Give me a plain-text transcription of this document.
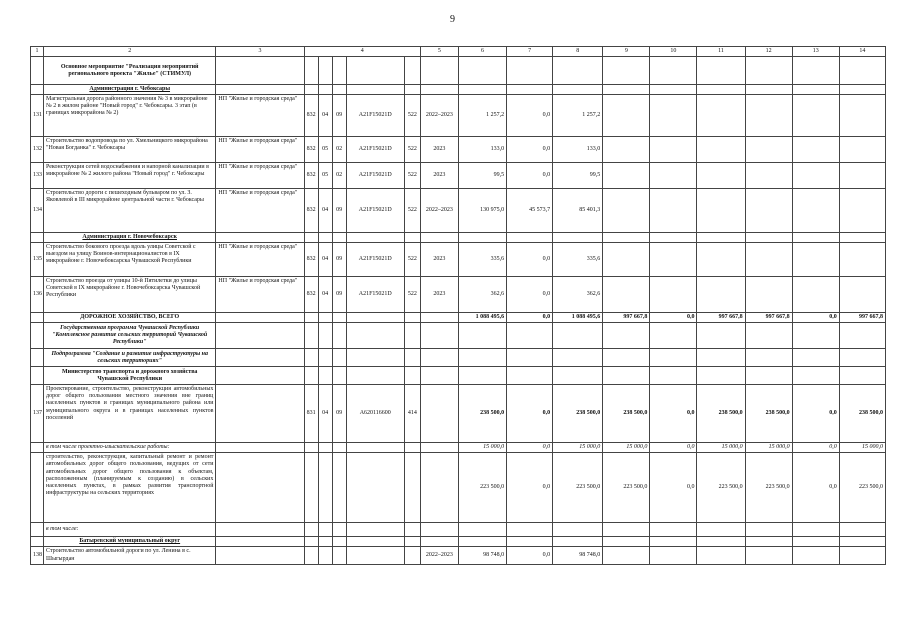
9
1	2	3	4					5	6	7	8	9	10	11	12	13	14
	Основное мероприятие "Реализация мероприятий регионального проекта "Жилье" (СТИМУЛ)																
	Администрация г. Чебоксары																
131	Магистральная дорога районного значения № 3 в микрорайоне № 2 в жилом районе "Новый город" г. Чебоксары. 3 этап (в границах микрорайона № 2)	НП "Жилье и городская среда"	832	04	09	A21F15021D	522	2022–2023	1 257,2	0,0	1 257,2						
132	Строительство водопровода по ул. Хмельницкого микрорайона "Новая Богданка" г. Чебоксары	НП "Жилье и городская среда"	832	05	02	A21F15021D	522	2023	133,0	0,0	133,0						
133	Реконструкция сетей водоснабжения и напорной канализации в микрорайоне № 2 жилого района "Новый город" г. Чебоксары	НП "Жилье и городская среда"	832	05	02	A21F15021D	522	2023	99,5	0,0	99,5						
134	Строительство дороги с пешеходным бульваром по ул. З. Яковлевой в III микрорайоне центральной части г. Чебоксары	НП "Жилье и городская среда"	832	04	09	A21F15021D	522	2022–2023	130 975,0	45 573,7	85 401,3						
	Администрация г. Новочебоксарск																
135	Строительство бокового проезда вдоль улицы Советской с выездом на улицу Воинов-интернационалистов в IX микрорайоне г. Новочебоксарска Чувашской Республики	НП "Жилье и городская среда"	832	04	09	A21F15021D	522	2023	335,6	0,0	335,6						
136	Строительство проезда от улицы 10-й Пятилетки до улицы Советской в IX микрорайоне г. Новочебоксарска Чувашской Республики	НП "Жилье и городская среда"	832	04	09	A21F15021D	522	2023	362,6	0,0	362,6						
	ДОРОЖНОЕ ХОЗЯЙСТВО, ВСЕГО								1 088 495,6	0,0	1 088 495,6	997 667,8	0,0	997 667,8	997 667,8	0,0	997 667,8
	Государственная программа Чувашской Республики "Комплексное развитие сельских территорий Чувашской Республики"																
	Подпрограмма "Создание и развитие инфраструктуры на сельских территориях"																
	Министерство транспорта и дорожного хозяйства Чувашской Республики																
137	Проектирование, строительство, реконструкция автомобильных дорог общего пользования местного значения вне границ населенных пунктов и границах муниципального района или муниципального округа и в границах населенных пунктов поселений		831	04	09	A620116600	414		238 500,0	0,0	238 500,0	238 500,0	0,0	238 500,0	238 500,0	0,0	238 500,0
	в том числе проектно-изыскательские работы:								15 000,0	0,0	15 000,0	15 000,0	0,0	15 000,0	15 000,0	0,0	15 000,0
	строительство, реконструкция, капитальный ремонт и ремонт автомобильных дорог общего пользования, ведущих от сети автомобильных дорог общего пользования к объектам, расположенным (планируемым к созданию) в сельских населенных пунктах, в рамках развития транспортной инфраструктуры на сельских территориях								223 500,0	0,0	223 500,0	223 500,0	0,0	223 500,0	223 500,0	0,0	223 500,0
	в том числе:																
	Батыревский муниципальный округ																
138	Строительство автомобильной дороги по ул. Ленина в с. Шыгырдан							2022–2023	98 748,0	0,0	98 748,0						
